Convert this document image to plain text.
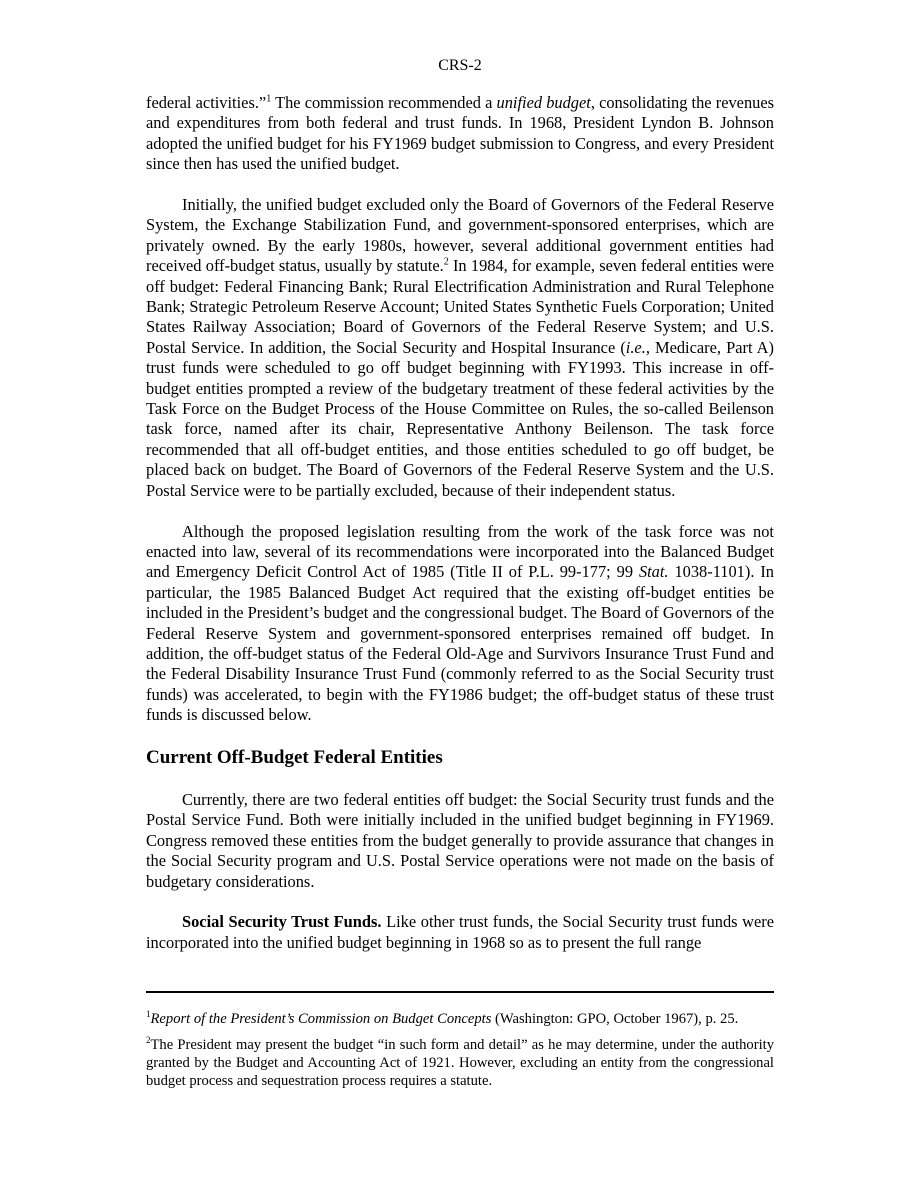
CRS-2

federal activities.”$^1$ The commission recommended a unified budget, consolidating the revenues and expenditures from both federal and trust funds. In 1968, President Lyndon B. Johnson adopted the unified budget for his FY1969 budget submission to Congress, and every President since then has used the unified budget.

Initially, the unified budget excluded only the Board of Governors of the Federal Reserve System, the Exchange Stabilization Fund, and government-sponsored enterprises, which are privately owned. By the early 1980s, however, several additional government entities had received off-budget status, usually by statute.$^2$ In 1984, for example, seven federal entities were off budget: Federal Financing Bank; Rural Electrification Administration and Rural Telephone Bank; Strategic Petroleum Reserve Account; United States Synthetic Fuels Corporation; United States Railway Association; Board of Governors of the Federal Reserve System; and U.S. Postal Service. In addition, the Social Security and Hospital Insurance (i.e., Medicare, Part A) trust funds were scheduled to go off budget beginning with FY1993. This increase in off-budget entities prompted a review of the budgetary treatment of these federal activities by the Task Force on the Budget Process of the House Committee on Rules, the so-called Beilenson task force, named after its chair, Representative Anthony Beilenson. The task force recommended that all off-budget entities, and those entities scheduled to go off budget, be placed back on budget. The Board of Governors of the Federal Reserve System and the U.S. Postal Service were to be partially excluded, because of their independent status.

Although the proposed legislation resulting from the work of the task force was not enacted into law, several of its recommendations were incorporated into the Balanced Budget and Emergency Deficit Control Act of 1985 (Title II of P.L. 99-177; 99 Stat. 1038-1101). In particular, the 1985 Balanced Budget Act required that the existing off-budget entities be included in the President’s budget and the congressional budget. The Board of Governors of the Federal Reserve System and government-sponsored enterprises remained off budget. In addition, the off-budget status of the Federal Old-Age and Survivors Insurance Trust Fund and the Federal Disability Insurance Trust Fund (commonly referred to as the Social Security trust funds) was accelerated, to begin with the FY1986 budget; the off-budget status of these trust funds is discussed below.

Current Off-Budget Federal Entities

Currently, there are two federal entities off budget: the Social Security trust funds and the Postal Service Fund. Both were initially included in the unified budget beginning in FY1969. Congress removed these entities from the budget generally to provide assurance that changes in the Social Security program and U.S. Postal Service operations were not made on the basis of budgetary considerations.

Social Security Trust Funds. Like other trust funds, the Social Security trust funds were incorporated into the unified budget beginning in 1968 so as to present the full range

$^1$Report of the President’s Commission on Budget Concepts (Washington: GPO, October 1967), p. 25.

$^2$The President may present the budget “in such form and detail” as he may determine, under the authority granted by the Budget and Accounting Act of 1921. However, excluding an entity from the congressional budget process and sequestration process requires a statute.
